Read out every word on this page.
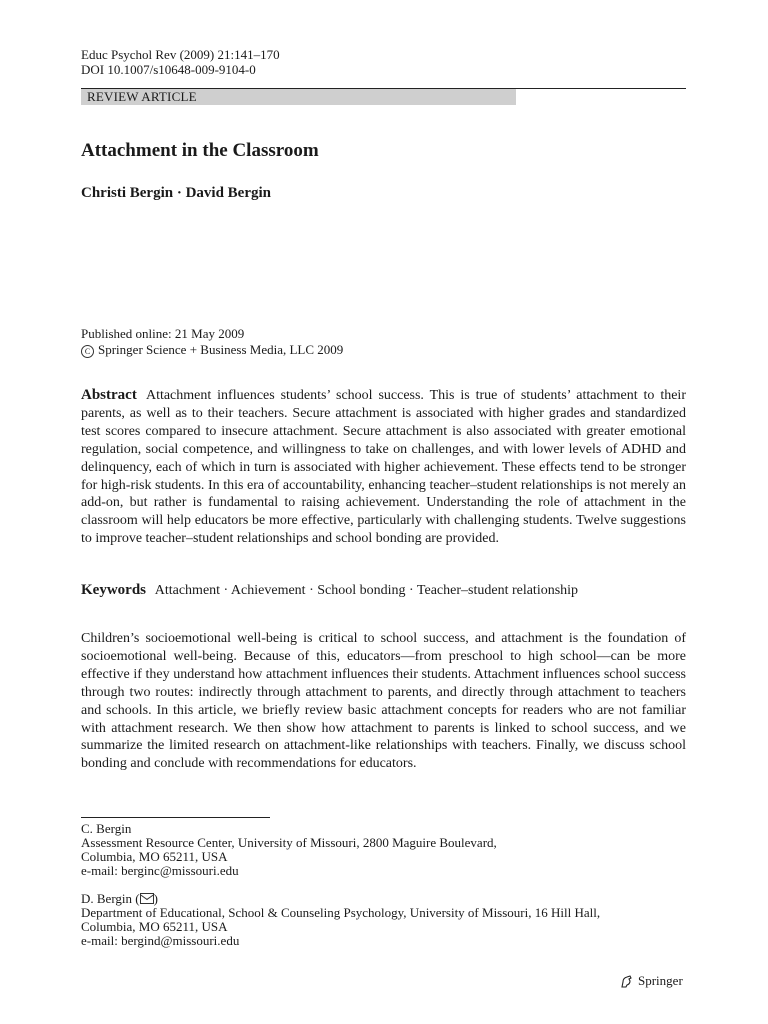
Educ Psychol Rev (2009) 21:141–170
DOI 10.1007/s10648-009-9104-0
REVIEW ARTICLE
Attachment in the Classroom
Christi Bergin · David Bergin
Published online: 21 May 2009
C Springer Science + Business Media, LLC 2009

Abstract Attachment influences students’ school success. This is true of students’ attachment to their parents, as well as to their teachers. Secure attachment is associated with higher grades and standardized test scores compared to insecure attachment. Secure attachment is also associated with greater emotional regulation, social competence, and willingness to take on challenges, and with lower levels of ADHD and delinquency, each of which in turn is associated with higher achievement. These effects tend to be stronger for high-risk students. In this era of accountability, enhancing teacher–student relationships is not merely an add-on, but rather is fundamental to raising achievement. Understanding the role of attachment in the classroom will help educators be more effective, particularly with challenging students. Twelve suggestions to improve teacher–student relationships and school bonding are provided.

Keywords Attachment · Achievement · School bonding · Teacher–student relationship

Children’s socioemotional well-being is critical to school success, and attachment is the foundation of socioemotional well-being. Because of this, educators—from preschool to high school—can be more effective if they understand how attachment influences their students. Attachment influences school success through two routes: indirectly through attachment to parents, and directly through attachment to teachers and schools. In this article, we briefly review basic attachment concepts for readers who are not familiar with attachment research. We then show how attachment to parents is linked to school success, and we summarize the limited research on attachment-like relationships with teachers. Finally, we discuss school bonding and conclude with recommendations for educators.

C. Bergin
Assessment Resource Center, University of Missouri, 2800 Maguire Boulevard,
Columbia, MO 65211, USA
e-mail: berginc@missouri.edu
D. Bergin ( )
Department of Educational, School & Counseling Psychology, University of Missouri, 16 Hill Hall,
Columbia, MO 65211, USA
e-mail: bergind@missouri.edu
Springer
